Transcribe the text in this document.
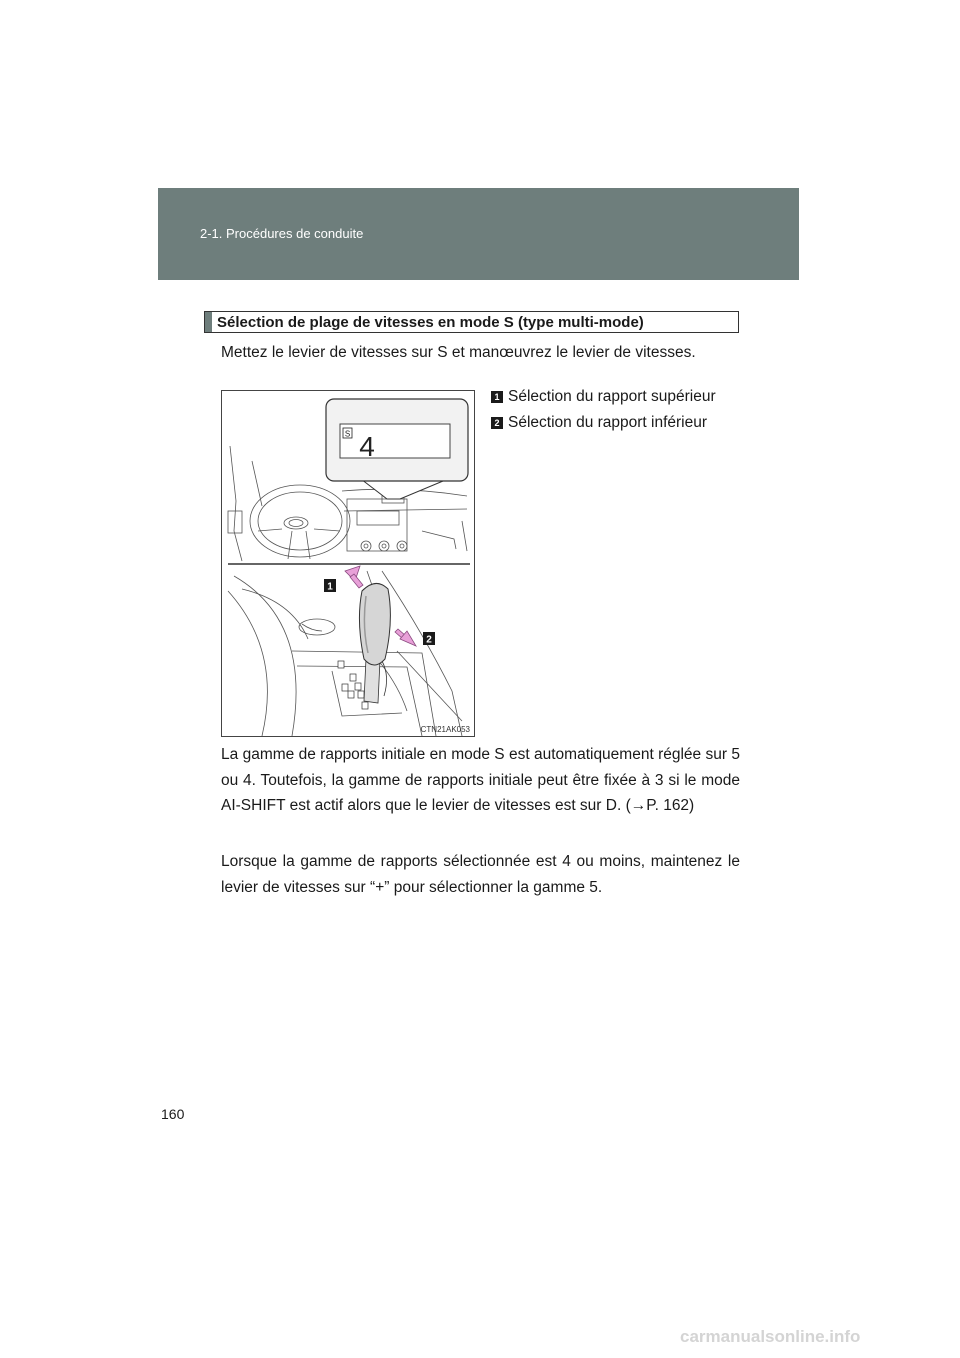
2-1. Procédures de conduite
Sélection de plage de vitesses en mode S (type multi-mode)
Mettez le levier de vitesses sur S et manœuvrez le levier de vitesses.
S 4
1
2
CTN21AK053
1 Sélection du rapport supérieur
2 Sélection du rapport inférieur
La gamme de rapports initiale en mode S est automatiquement réglée sur 5 ou 4. Toutefois, la gamme de rapports initiale peut être fixée à 3 si le mode AI-SHIFT est actif alors que le levier de vitesses est sur D. (→P. 162)
Lorsque la gamme de rapports sélectionnée est 4 ou moins, maintenez le levier de vitesses sur “+” pour sélectionner la gamme 5.
160
carmanualsonline.info
